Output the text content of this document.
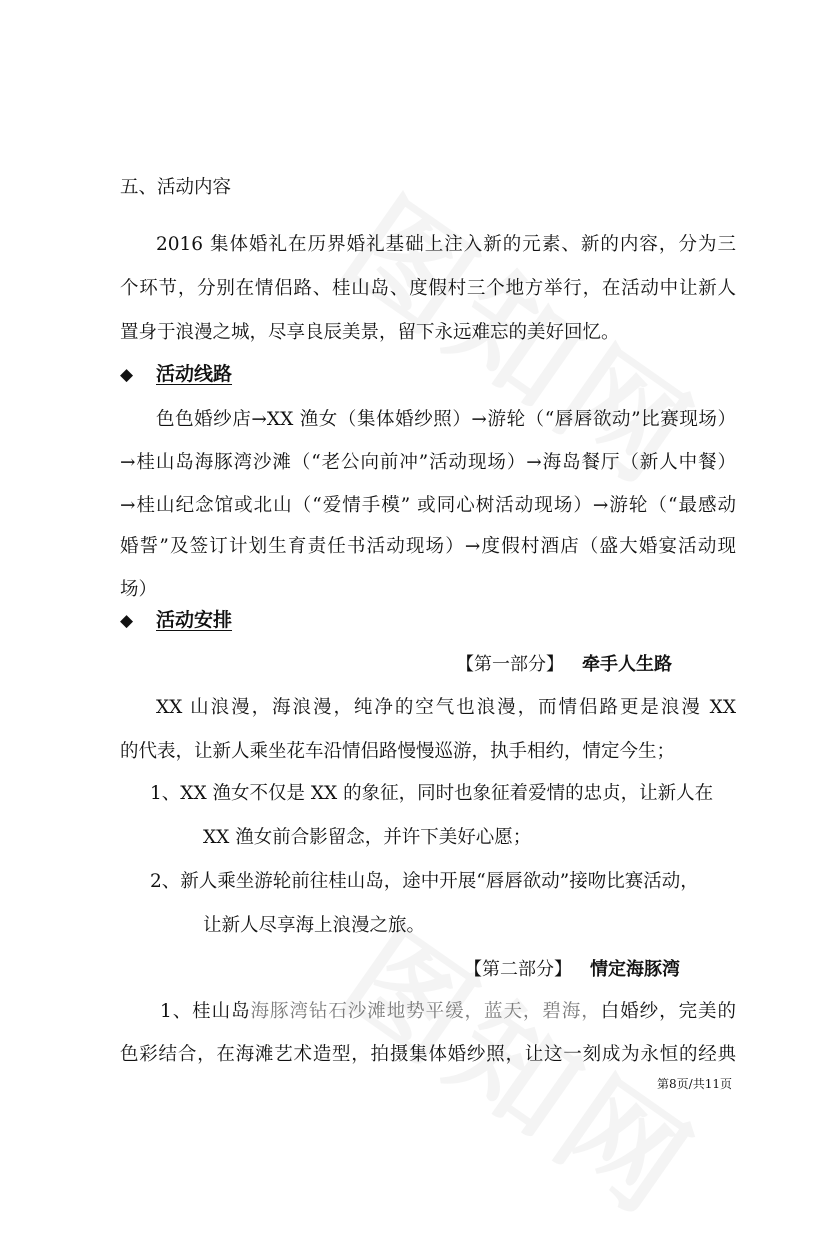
五、活动内容
2016 集体婚礼在历界婚礼基础上注入新的元素、新的内容，分为三
个环节，分别在情侣路、桂山岛、度假村三个地方举行，在活动中让新人
置身于浪漫之城，尽享良辰美景，留下永远难忘的美好回忆。
◆ 活动线路
色色婚纱店→XX 渔女（集体婚纱照）→游轮（“唇唇欲动”比赛现场）
→桂山岛海豚湾沙滩（“老公向前冲”活动现场）→海岛餐厅（新人中餐）
→桂山纪念馆或北山（“爱情手模” 或同心树活动现场）→游轮（“最感动
婚誓”及签订计划生育责任书活动现场）→度假村酒店（盛大婚宴活动现
场）
◆ 活动安排
【第一部分】 牵手人生路
XX 山浪漫，海浪漫，纯净的空气也浪漫，而情侣路更是浪漫 XX
的代表，让新人乘坐花车沿情侣路慢慢巡游，执手相约，情定今生；
1、XX 渔女不仅是 XX 的象征，同时也象征着爱情的忠贞，让新人在
XX 渔女前合影留念，并许下美好心愿；
2、新人乘坐游轮前往桂山岛，途中开展“唇唇欲动”接吻比赛活动，
让新人尽享海上浪漫之旅。
【第二部分】 情定海豚湾
1、桂山岛海豚湾钻石沙滩地势平缓，蓝天，碧海，白婚纱，完美的
色彩结合，在海滩艺术造型，拍摄集体婚纱照，让这一刻成为永恒的经典
第8页/共11页
